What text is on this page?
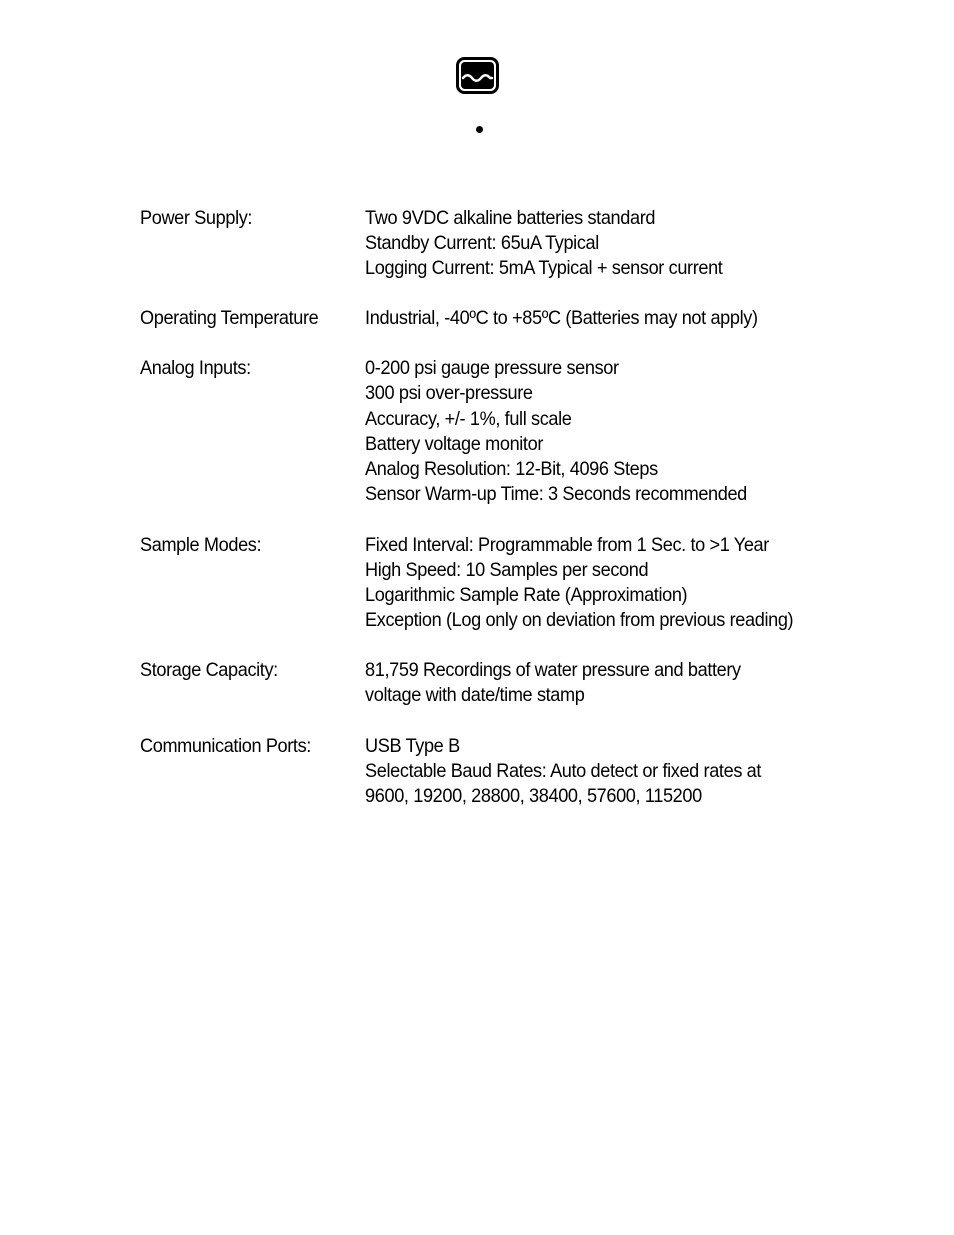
Power Supply:	Two 9VDC alkaline batteries standard
Standby Current: 65uA Typical
Logging Current: 5mA Typical + sensor current
Operating Temperature	Industrial, -40ºC to +85ºC (Batteries may not apply)
Analog Inputs:	0-200 psi gauge pressure sensor
300 psi over-pressure
Accuracy, +/- 1%, full scale
Battery voltage monitor
Analog Resolution: 12-Bit, 4096 Steps
Sensor Warm-up Time: 3 Seconds recommended
Sample Modes:	Fixed Interval: Programmable from 1 Sec. to >1 Year
High Speed: 10 Samples per second
Logarithmic Sample Rate (Approximation)
Exception (Log only on deviation from previous reading)
Storage Capacity:	81,759 Recordings of water pressure and battery
voltage with date/time stamp
Communication Ports:	USB Type B
Selectable Baud Rates: Auto detect or fixed rates at
9600, 19200, 28800, 38400, 57600, 115200
